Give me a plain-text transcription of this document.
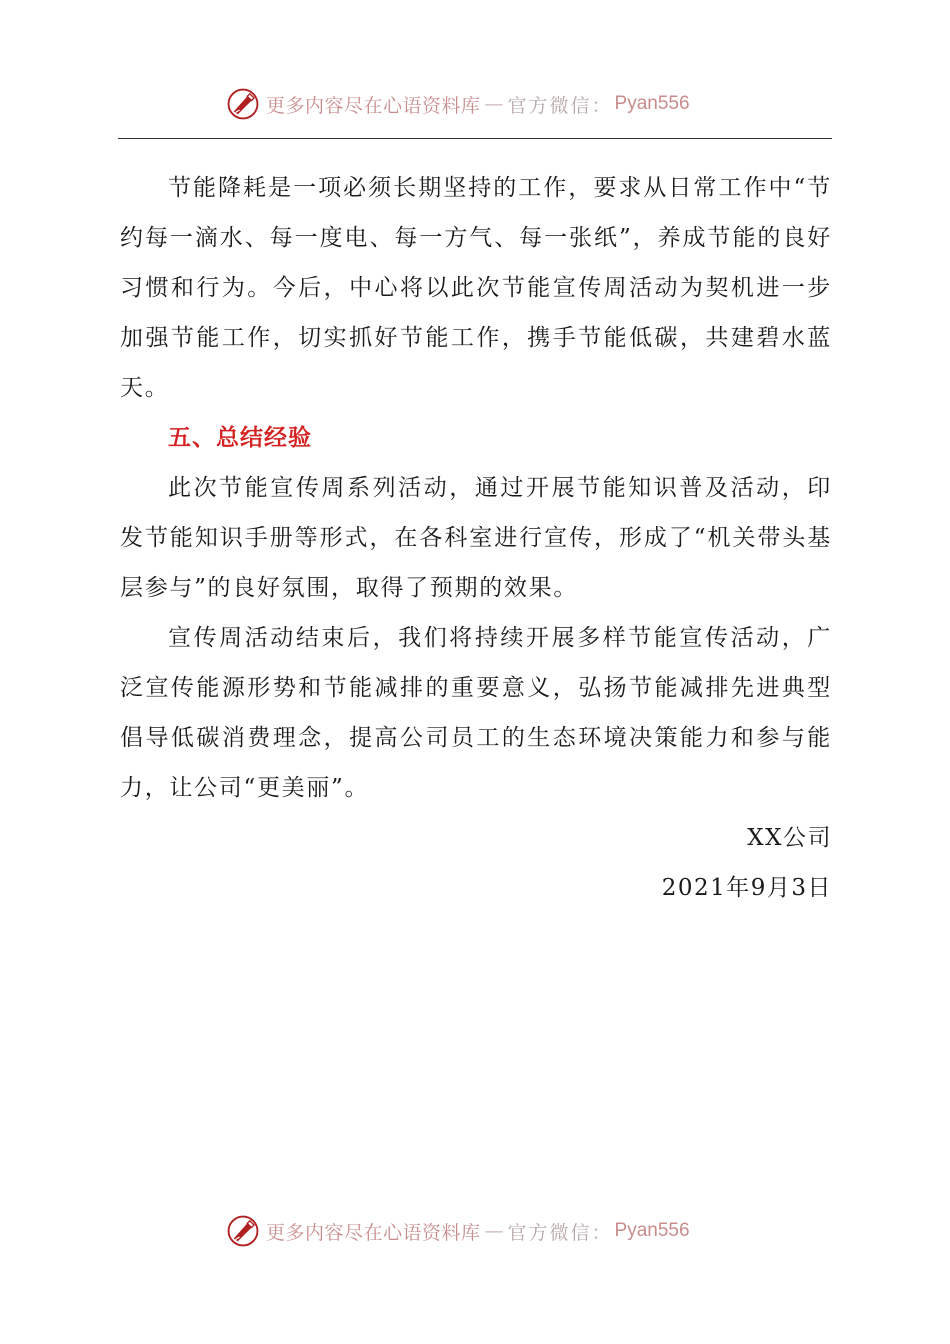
更多内容尽在心语资料库 — 官方微信： Pyan556

节能降耗是一项必须长期坚持的工作，要求从日常工作中“节约每一滴水、每一度电、每一方气、每一张纸”，养成节能的良好习惯和行为。今后，中心将以此次节能宣传周活动为契机进一步加强节能工作，切实抓好节能工作，携手节能低碳，共建碧水蓝天。

五、总结经验

此次节能宣传周系列活动，通过开展节能知识普及活动，印发节能知识手册等形式，在各科室进行宣传，形成了“机关带头基层参与”的良好氛围，取得了预期的效果。

宣传周活动结束后，我们将持续开展多样节能宣传活动，广泛宣传能源形势和节能减排的重要意义，弘扬节能减排先进典型倡导低碳消费理念，提高公司员工的生态环境决策能力和参与能力，让公司“更美丽”。

XX公司

2021年9月3日

更多内容尽在心语资料库 — 官方微信： Pyan556
